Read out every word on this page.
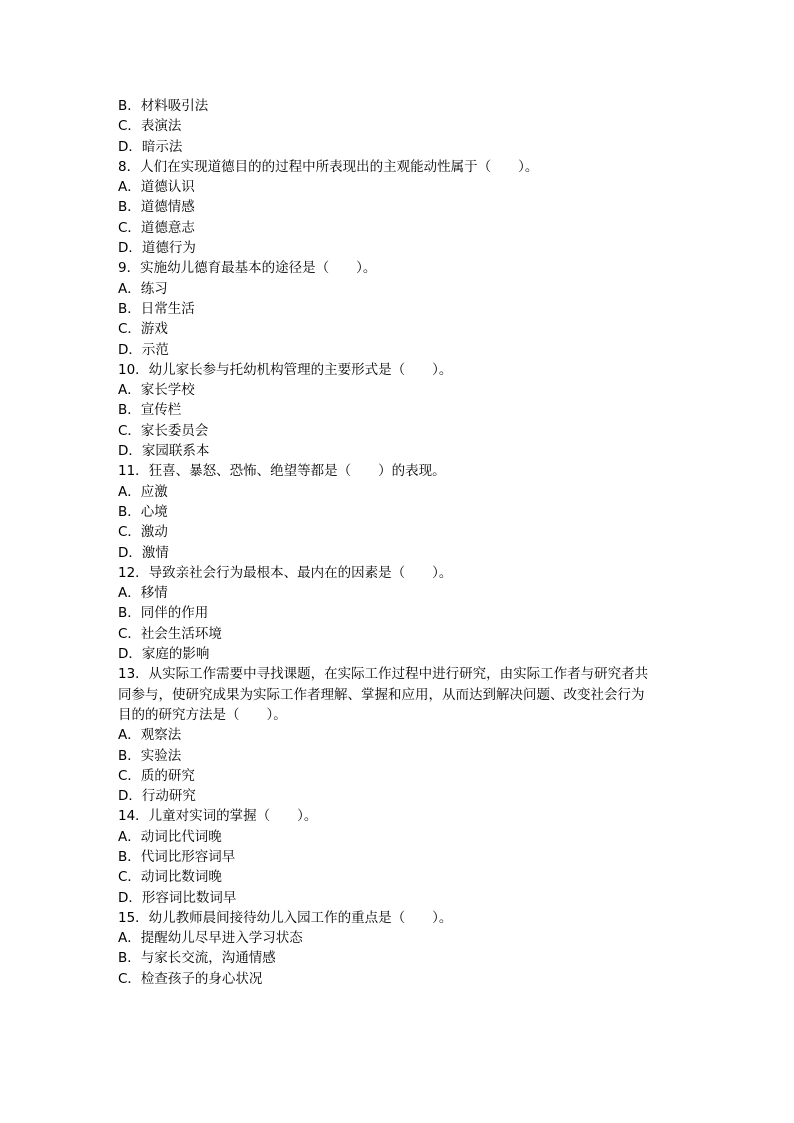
B．材料吸引法
C．表演法
D．暗示法
8．人们在实现道德目的的过程中所表现出的主观能动性属于（　　）。
A．道德认识
B．道德情感
C．道德意志
D．道德行为
9．实施幼儿德育最基本的途径是（　　）。
A．练习
B．日常生活
C．游戏
D．示范
10．幼儿家长参与托幼机构管理的主要形式是（　　）。
A．家长学校
B．宣传栏
C．家长委员会
D．家园联系本
11．狂喜、暴怒、恐怖、绝望等都是（　　）的表现。
A．应激
B．心境
C．激动
D．激情
12．导致亲社会行为最根本、最内在的因素是（　　）。
A．移情
B．同伴的作用
C．社会生活环境
D．家庭的影响
13．从实际工作需要中寻找课题，在实际工作过程中进行研究，由实际工作者与研究者共
同参与，使研究成果为实际工作者理解、掌握和应用，从而达到解决问题、改变社会行为
目的的研究方法是（　　）。
A．观察法
B．实验法
C．质的研究
D．行动研究
14．儿童对实词的掌握（　　）。
A．动词比代词晚
B．代词比形容词早
C．动词比数词晚
D．形容词比数词早
15．幼儿教师晨间接待幼儿入园工作的重点是（　　）。
A．提醒幼儿尽早进入学习状态
B．与家长交流，沟通情感
C．检查孩子的身心状况
